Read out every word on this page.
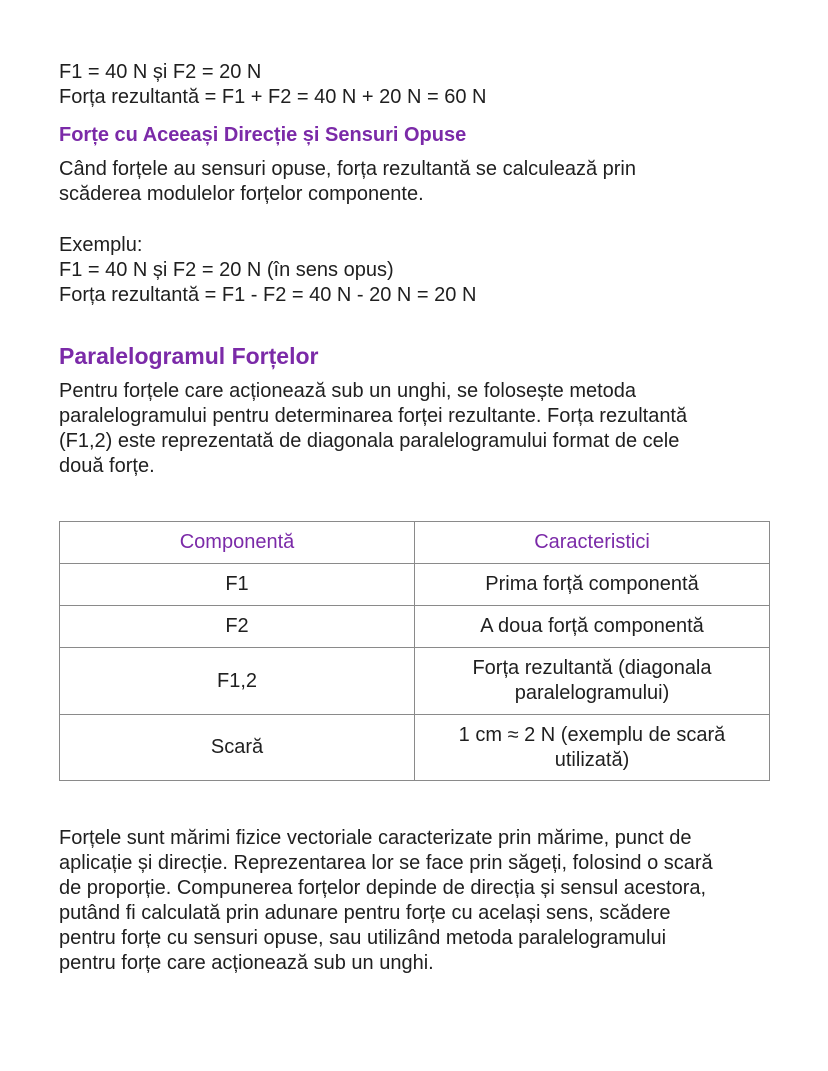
F1 = 40 N și F2 = 20 N

Forța rezultantă = F1 + F2 = 40 N + 20 N = 60 N

Forțe cu Aceeași Direcție și Sensuri Opuse

Când forțele au sensuri opuse, forța rezultantă se calculează prin

scăderea modulelor forțelor componente.

Exemplu:

F1 = 40 N și F2 = 20 N (în sens opus)

Forța rezultantă = F1 - F2 = 40 N - 20 N = 20 N

Paralelogramul Forțelor

Pentru forțele care acționează sub un unghi, se folosește metoda

paralelogramului pentru determinarea forței rezultante. Forța rezultantă

(F1,2) este reprezentată de diagonala paralelogramului format de cele

două forțe.

Componentă	Caracteristici
F1	Prima forță componentă
F2	A doua forță componentă
F1,2	Forța rezultantă (diagonala
paralelogramului)

Scară	1 cm ≈ 2 N (exemplu de scară
utilizată)

Forțele sunt mărimi fizice vectoriale caracterizate prin mărime, punct de

aplicație și direcție. Reprezentarea lor se face prin săgeți, folosind o scară

de proporție. Compunerea forțelor depinde de direcția și sensul acestora,

putând fi calculată prin adunare pentru forțe cu același sens, scădere

pentru forțe cu sensuri opuse, sau utilizând metoda paralelogramului

pentru forțe care acționează sub un unghi.
